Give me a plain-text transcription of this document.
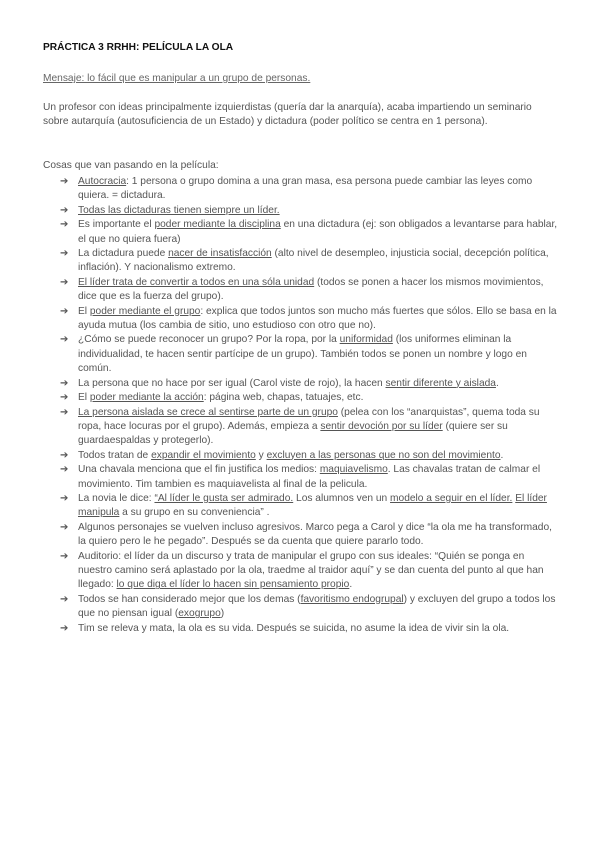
PRÁCTICA 3 RRHH: PELÍCULA LA OLA
Mensaje: lo fácil que es manipular a un grupo de personas.
Un profesor con ideas principalmente izquierdistas (quería dar la anarquía), acaba impartiendo un seminario sobre autarquía (autosuficiencia de un Estado) y dictadura (poder político se centra en 1 persona).
Cosas que van pasando en la película:
➔ Autocracia: 1 persona o grupo domina a una gran masa, esa persona puede cambiar las leyes como quiera. = dictadura.
➔ Todas las dictaduras tienen siempre un líder.
➔ Es importante el poder mediante la disciplina en una dictadura (ej: son obligados a levantarse para hablar, el que no quiera fuera)
➔ La dictadura puede nacer de insatisfacción (alto nivel de desempleo, injusticia social, decepción política, inflación). Y nacionalismo extremo.
➔ El líder trata de convertir a todos en una sóla unidad (todos se ponen a hacer los mismos movimientos, dice que es la fuerza del grupo).
➔ El poder mediante el grupo: explica que todos juntos son mucho más fuertes que sólos. Ello se basa en la ayuda mutua (los cambia de sitio, uno estudioso con otro que no).
➔ ¿Cómo se puede reconocer un grupo? Por la ropa, por la uniformidad (los uniformes eliminan la individualidad, te hacen sentir partícipe de un grupo). También todos se ponen un nombre y logo en común.
➔ La persona que no hace por ser igual (Carol viste de rojo), la hacen sentir diferente y aislada.
➔ El poder mediante la acción: página web, chapas, tatuajes, etc.
➔ La persona aislada se crece al sentirse parte de un grupo (pelea con los “anarquistas”, quema toda su ropa, hace locuras por el grupo). Además, empieza a sentir devoción por su líder (quiere ser su guardaespaldas y protegerlo).
➔ Todos tratan de expandir el movimiento y excluyen a las personas que no son del movimiento.
➔ Una chavala menciona que el fin justifica los medios: maquiavelismo. Las chavalas tratan de calmar el movimiento. Tim tambien es maquiavelista al final de la pelicula.
➔ La novia le dice: “Al líder le gusta ser admirado. Los alumnos ven un modelo a seguir en el líder. El líder manipula a su grupo en su conveniencia” .
➔ Algunos personajes se vuelven incluso agresivos. Marco pega a Carol y dice “la ola me ha transformado, la quiero pero le he pegado”. Después se da cuenta que quiere pararlo todo.
➔ Auditorio: el líder da un discurso y trata de manipular el grupo con sus ideales: “Quién se ponga en nuestro camino será aplastado por la ola, traedme al traidor aquí” y se dan cuenta del punto al que han llegado: lo que diga el líder lo hacen sin pensamiento propio.
➔ Todos se han considerado mejor que los demas (favoritismo endogrupal) y excluyen del grupo a todos los que no piensan igual (exogrupo)
➔ Tim se releva y mata, la ola es su vida. Después se suicida, no asume la idea de vivir sin la ola.
